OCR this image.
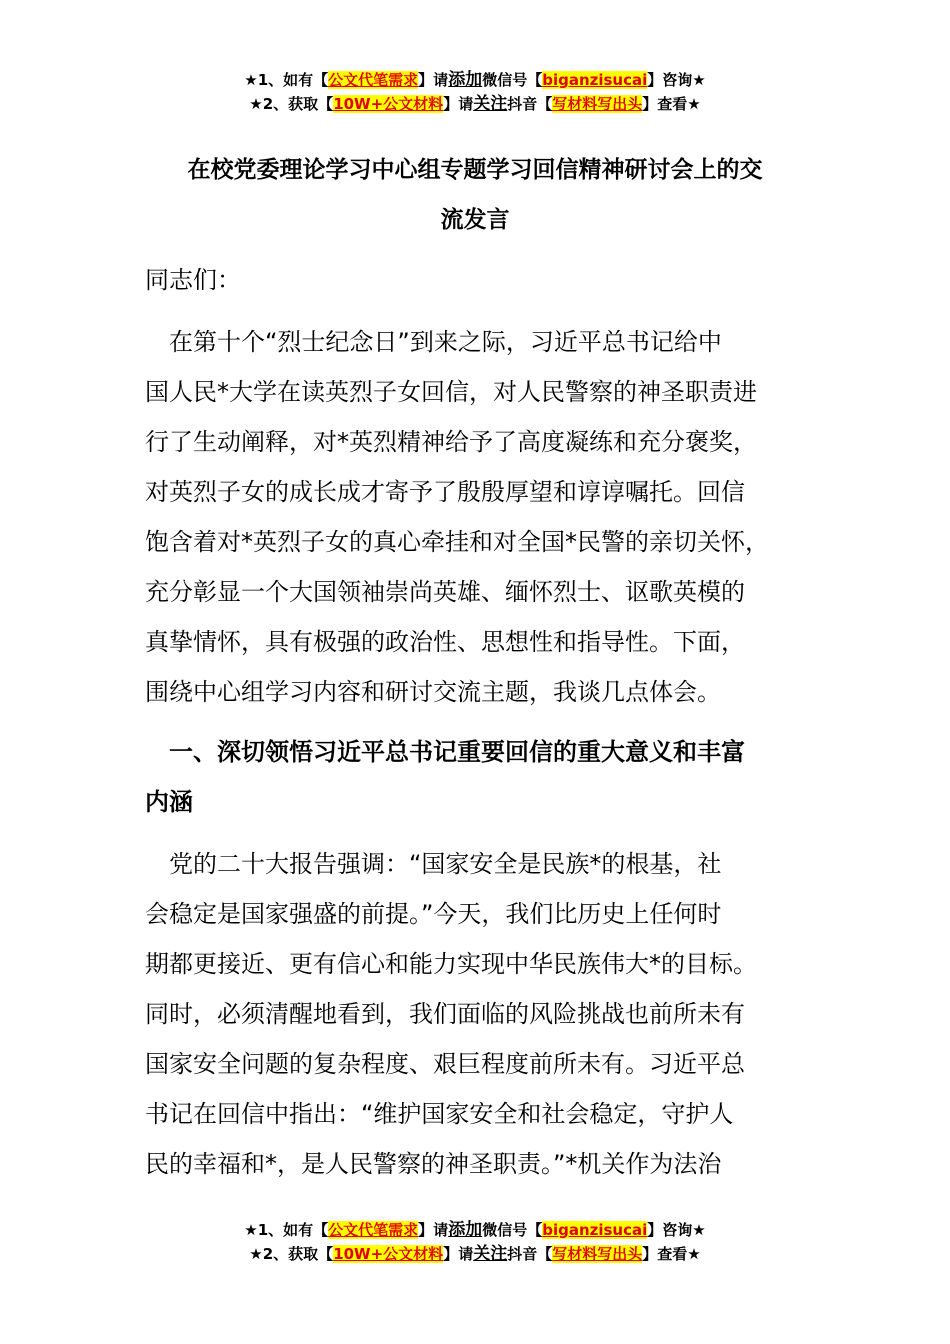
★1、如有【公文代笔需求】请添加微信号【biganzisucai】咨询★
★2、获取【10W+公文材料】请关注抖音【写材料写出头】查看★
在校党委理论学习中心组专题学习回信精神研讨会上的交
流发言
同志们：
　在第十个“烈士纪念日”到来之际，习近平总书记给中
国人民*大学在读英烈子女回信，对人民警察的神圣职责进
行了生动阐释，对*英烈精神给予了高度凝练和充分褒奖，
对英烈子女的成长成才寄予了殷殷厚望和谆谆嘱托。回信
饱含着对*英烈子女的真心牵挂和对全国*民警的亲切关怀，
充分彰显一个大国领袖崇尚英雄、缅怀烈士、讴歌英模的
真挚情怀，具有极强的政治性、思想性和指导性。下面，
围绕中心组学习内容和研讨交流主题，我谈几点体会。
　一、深切领悟习近平总书记重要回信的重大意义和丰富
内涵
　党的二十大报告强调：“国家安全是民族*的根基，社
会稳定是国家强盛的前提。”今天，我们比历史上任何时
期都更接近、更有信心和能力实现中华民族伟大*的目标。
同时，必须清醒地看到，我们面临的风险挑战也前所未有
国家安全问题的复杂程度、艰巨程度前所未有。习近平总
书记在回信中指出：“维护国家安全和社会稳定，守护人
民的幸福和*，是人民警察的神圣职责。”*机关作为法治
★1、如有【公文代笔需求】请添加微信号【biganzisucai】咨询★
★2、获取【10W+公文材料】请关注抖音【写材料写出头】查看★
